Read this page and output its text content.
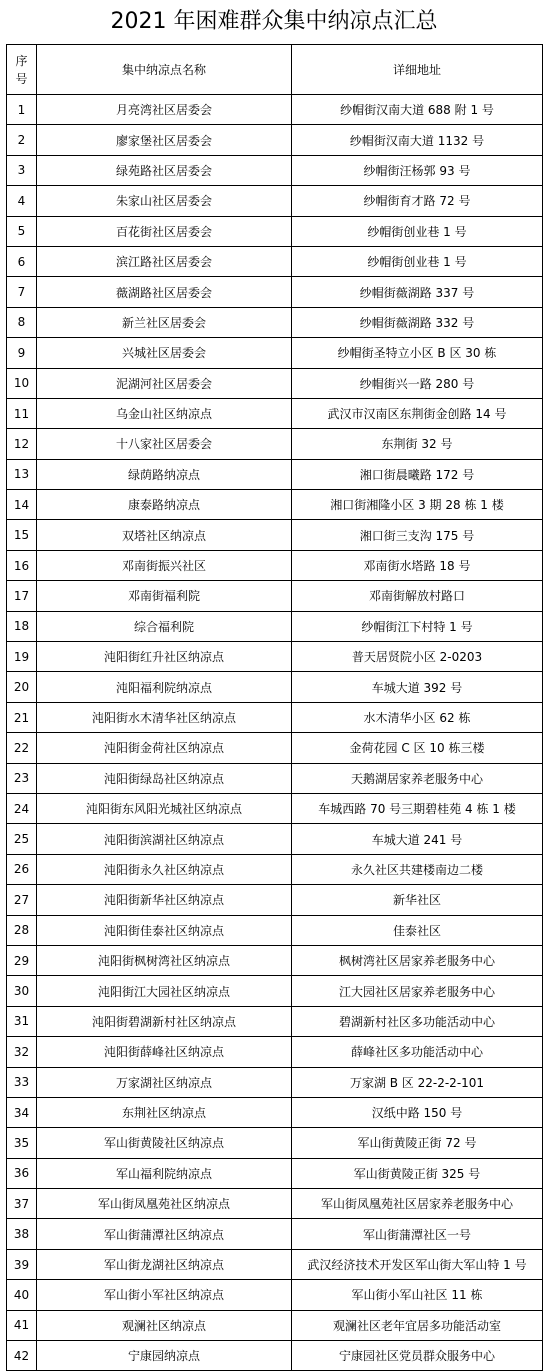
2021 年困难群众集中纳凉点汇总
序
号	集中纳凉点名称	详细地址
1	月亮湾社区居委会	纱帽街汉南大道 688 附 1 号
2	廖家堡社区居委会	纱帽街汉南大道 1132 号
3	绿苑路社区居委会	纱帽街汪杨郭 93 号
4	朱家山社区居委会	纱帽街育才路 72 号
5	百花街社区居委会	纱帽街创业巷 1 号
6	滨江路社区居委会	纱帽街创业巷 1 号
7	薇湖路社区居委会	纱帽街薇湖路 337 号
8	新兰社区居委会	纱帽街薇湖路 332 号
9	兴城社区居委会	纱帽街圣特立小区 B 区 30 栋
10	泥湖河社区居委会	纱帽街兴一路 280 号
11	乌金山社区纳凉点	武汉市汉南区东荆街金创路 14 号
12	十八家社区居委会	东荆街 32 号
13	绿荫路纳凉点	湘口街晨曦路 172 号
14	康泰路纳凉点	湘口街湘隆小区 3 期 28 栋 1 楼
15	双塔社区纳凉点	湘口街三支沟 175 号
16	邓南街振兴社区	邓南街水塔路 18 号
17	邓南街福利院	邓南街解放村路口
18	综合福利院	纱帽街江下村特 1 号
19	沌阳街红升社区纳凉点	普天居贤院小区 2-0203
20	沌阳福利院纳凉点	车城大道 392 号
21	沌阳街水木清华社区纳凉点	水木清华小区 62 栋
22	沌阳街金荷社区纳凉点	金荷花园 C 区 10 栋三楼
23	沌阳街绿岛社区纳凉点	天鹅湖居家养老服务中心
24	沌阳街东风阳光城社区纳凉点	车城西路 70 号三期碧桂苑 4 栋 1 楼
25	沌阳街滨湖社区纳凉点	车城大道 241 号
26	沌阳街永久社区纳凉点	永久社区共建楼南边二楼
27	沌阳街新华社区纳凉点	新华社区
28	沌阳街佳泰社区纳凉点	佳泰社区
29	沌阳街枫树湾社区纳凉点	枫树湾社区居家养老服务中心
30	沌阳街江大园社区纳凉点	江大园社区居家养老服务中心
31	沌阳街碧湖新村社区纳凉点	碧湖新村社区多功能活动中心
32	沌阳街薛峰社区纳凉点	薛峰社区多功能活动中心
33	万家湖社区纳凉点	万家湖 B 区 22-2-2-101
34	东荆社区纳凉点	汉纸中路 150 号
35	军山街黄陵社区纳凉点	军山街黄陵正街 72 号
36	军山福利院纳凉点	军山街黄陵正街 325 号
37	军山街凤凰苑社区纳凉点	军山街凤凰苑社区居家养老服务中心
38	军山街蒲潭社区纳凉点	军山街蒲潭社区一号
39	军山街龙湖社区纳凉点	武汉经济技术开发区军山街大军山特 1 号
40	军山街小军社区纳凉点	军山街小军山社区 11 栋
41	观澜社区纳凉点	观澜社区老年宜居多功能活动室
42	宁康园纳凉点	宁康园社区党员群众服务中心
